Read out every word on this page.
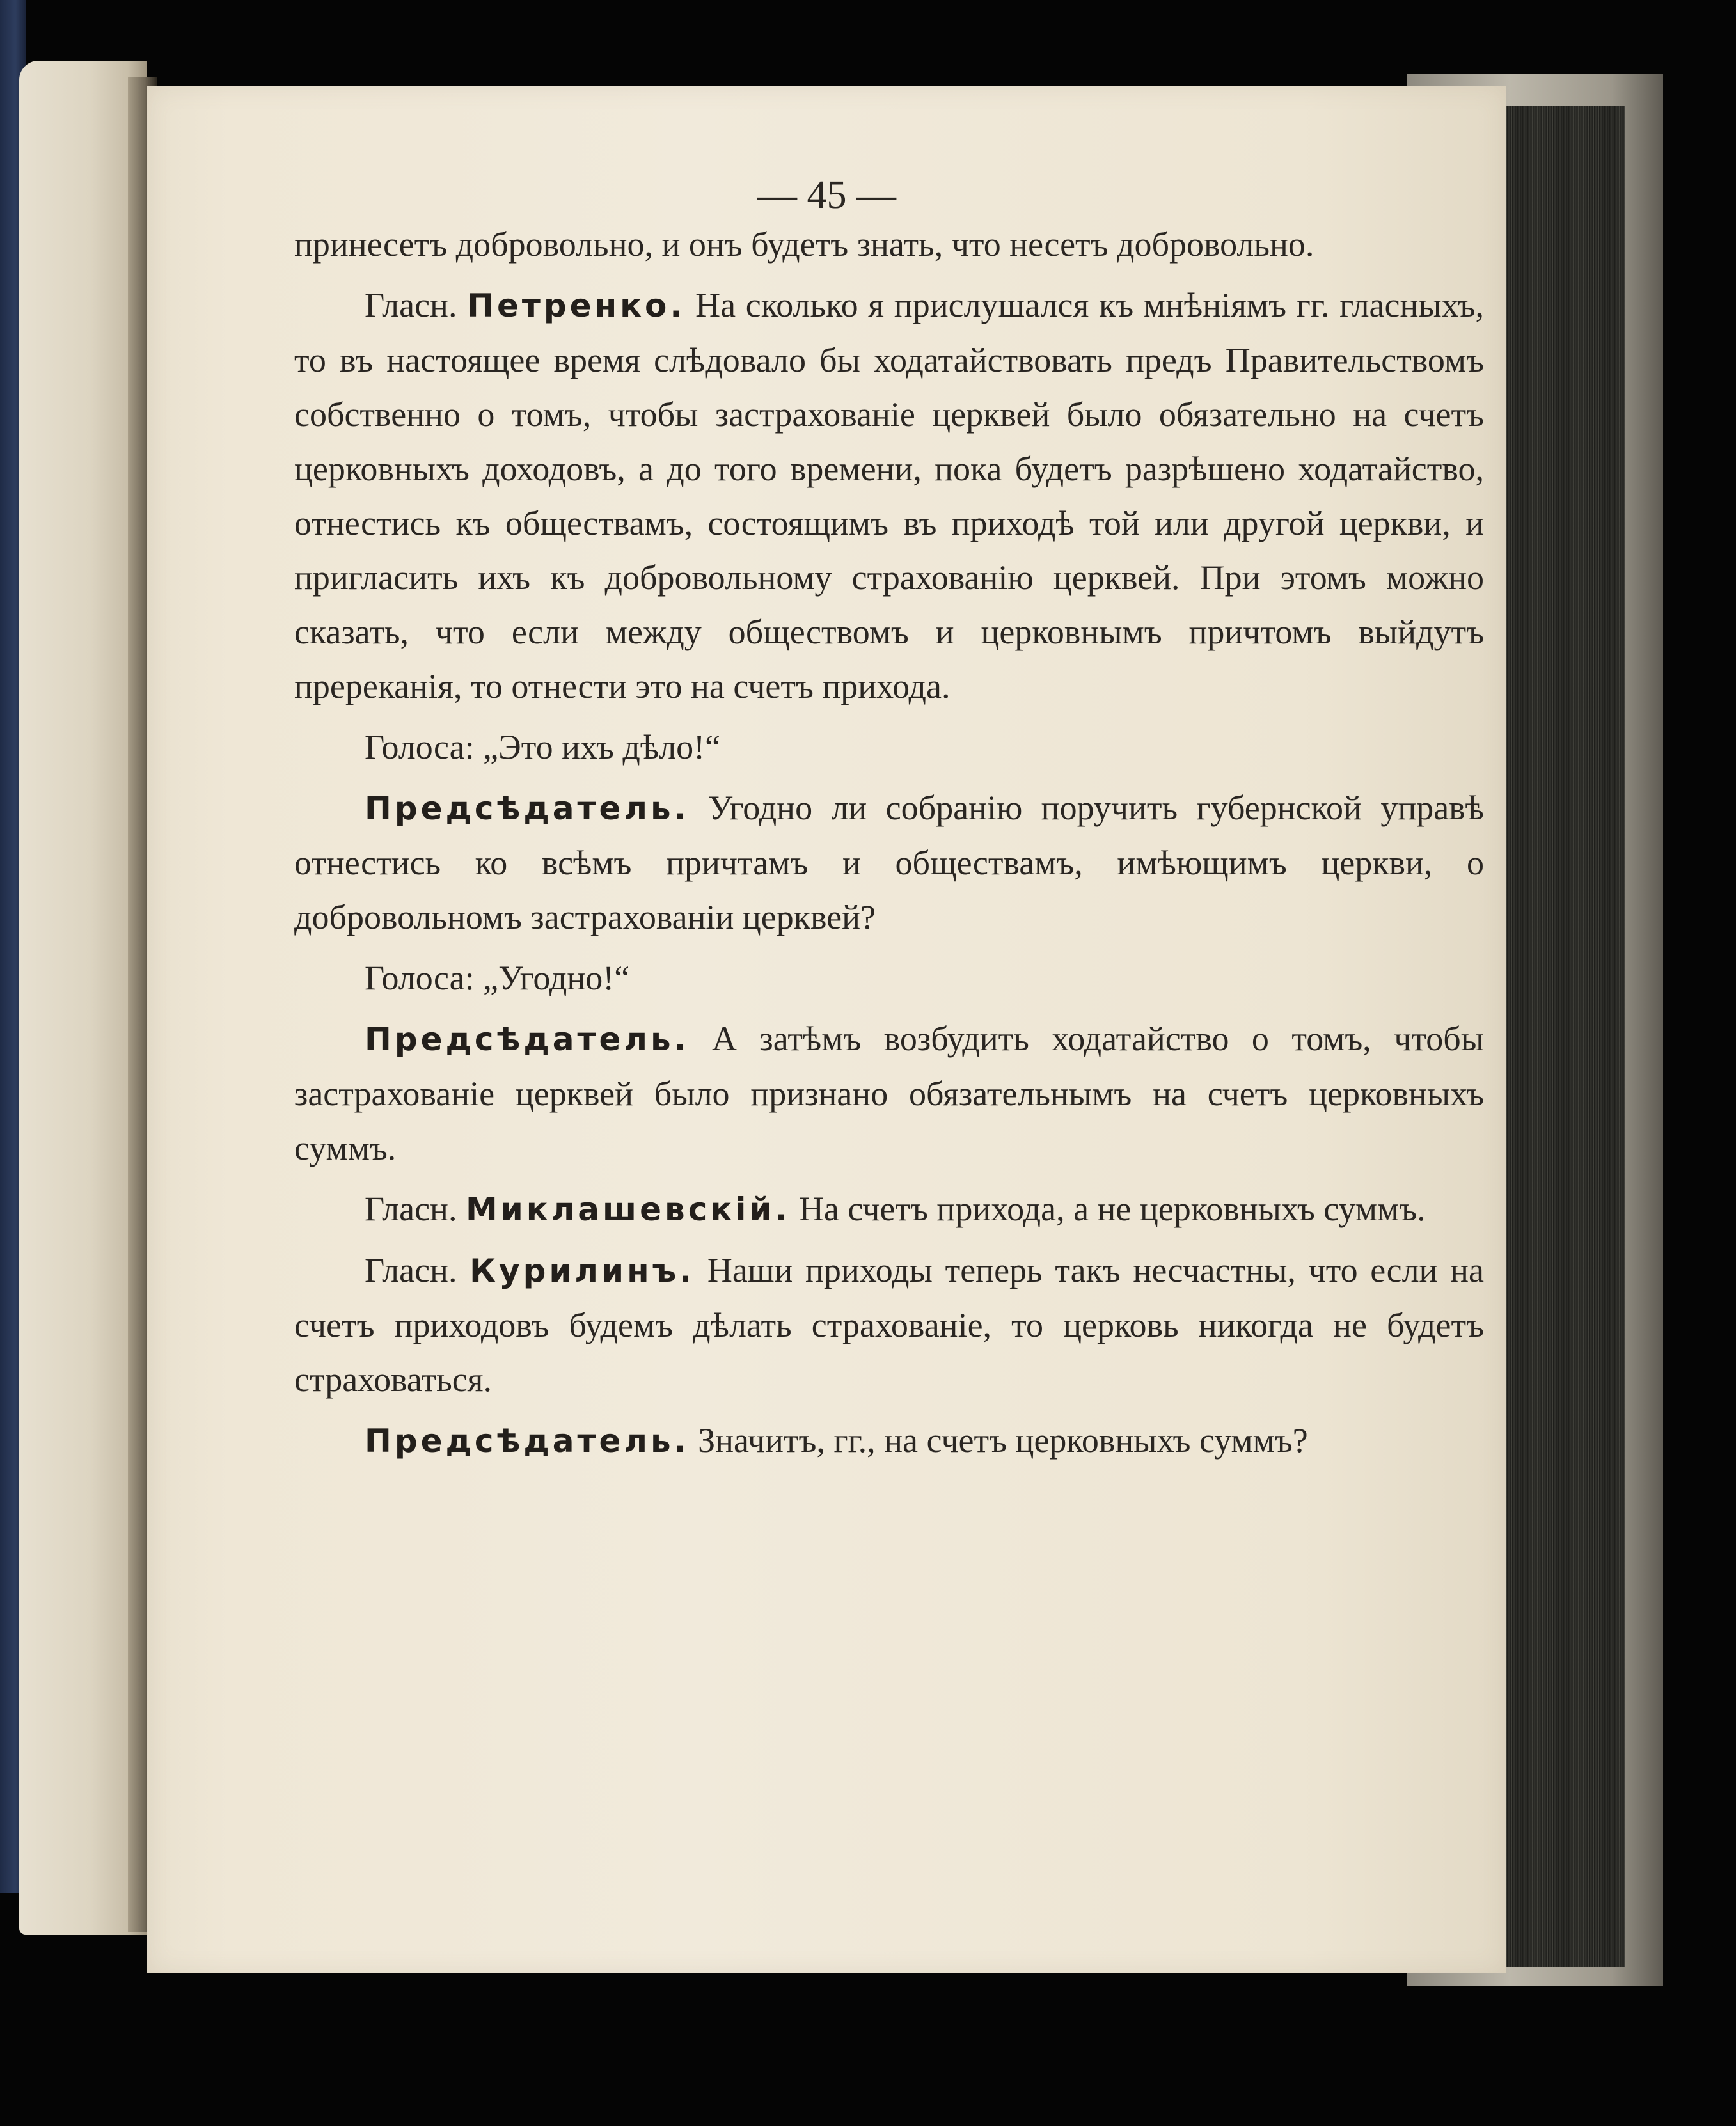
— 45 —

принесетъ добровольно, и онъ будетъ знать, что несетъ добровольно.

Гласн. Петренко. На сколько я прислушался къ мнѣніямъ гг. гласныхъ, то въ настоящее время слѣдовало бы ходатайствовать предъ Правительствомъ собственно о томъ, чтобы застрахованіе церквей было обязательно на счетъ церковныхъ доходовъ, а до того времени, пока будетъ разрѣшено ходатайство, отнестись къ обществамъ, состоящимъ въ приходѣ той или другой церкви, и пригласить ихъ къ добровольному страхованію церквей. При этомъ можно сказать, что если между обществомъ и церковнымъ причтомъ выйдутъ пререканія, то отнести это на счетъ прихода.

Голоса: „Это ихъ дѣло!“

Предсѣдатель. Угодно ли собранію поручить губернской управѣ отнестись ко всѣмъ причтамъ и обществамъ, имѣющимъ церкви, о добровольномъ застрахованіи церквей?

Голоса: „Угодно!“

Предсѣдатель. А затѣмъ возбудить ходатайство о томъ, чтобы застрахованіе церквей было признано обязательнымъ на счетъ церковныхъ суммъ.

Гласн. Миклашевскій. На счетъ прихода, а не церковныхъ суммъ.

Гласн. Курилинъ. Наши приходы теперь такъ несчастны, что если на счетъ приходовъ будемъ дѣлать страхованіе, то церковь никогда не будетъ страховаться.

Предсѣдатель. Значитъ, гг., на счетъ церковныхъ суммъ?
